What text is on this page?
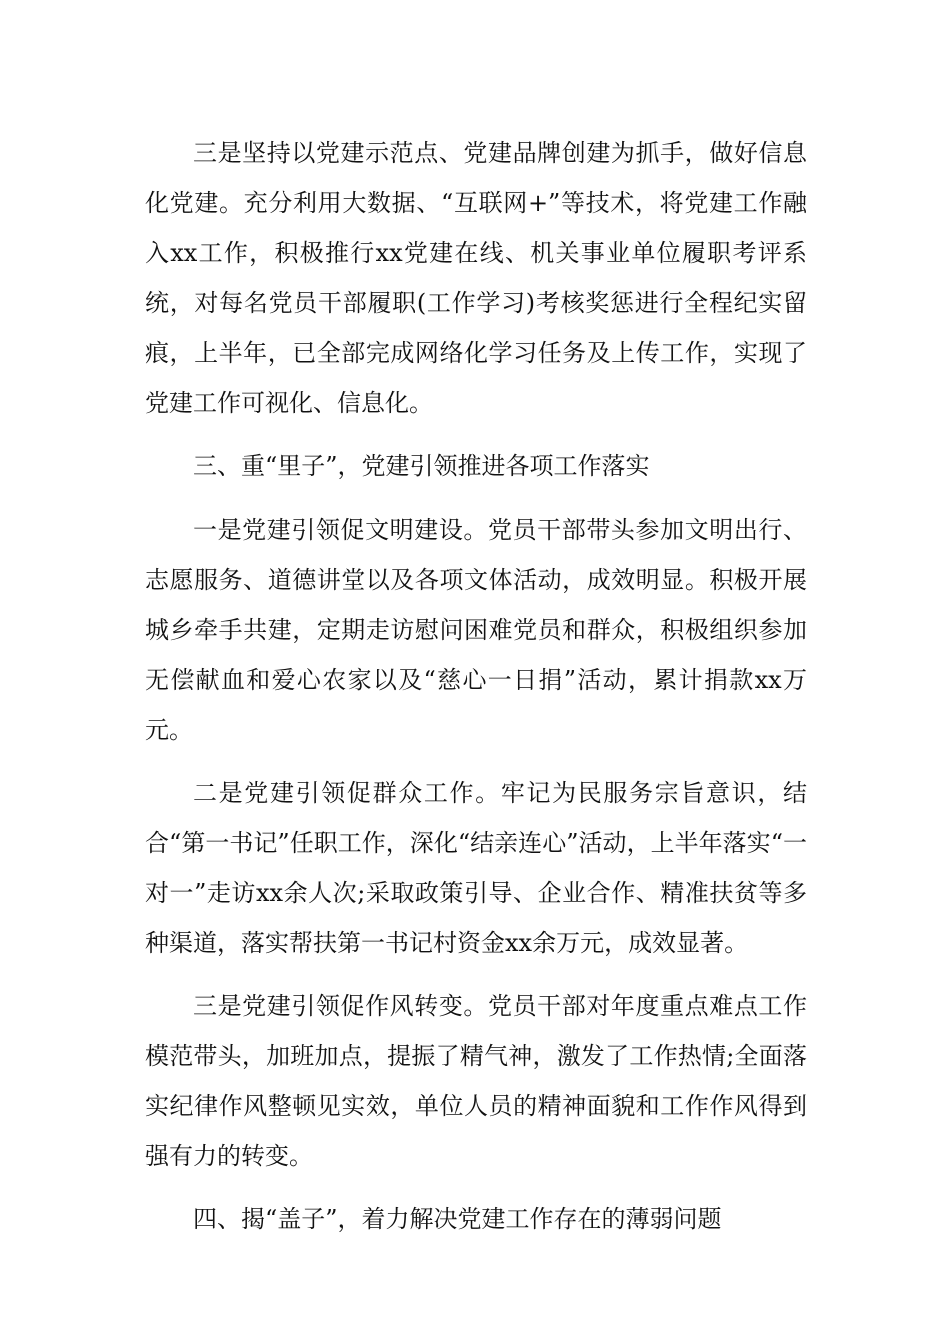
三是坚持以党建示范点、党建品牌创建为抓手，做好信息化党建。充分利用大数据、“互联网+”等技术，将党建工作融入xx工作，积极推行xx党建在线、机关事业单位履职考评系统，对每名党员干部履职(工作学习)考核奖惩进行全程纪实留痕，上半年，已全部完成网络化学习任务及上传工作，实现了党建工作可视化、信息化。

三、重“里子”，党建引领推进各项工作落实

一是党建引领促文明建设。党员干部带头参加文明出行、志愿服务、道德讲堂以及各项文体活动，成效明显。积极开展城乡牵手共建，定期走访慰问困难党员和群众，积极组织参加无偿献血和爱心农家以及“慈心一日捐”活动，累计捐款xx万元。

二是党建引领促群众工作。牢记为民服务宗旨意识，结合“第一书记”任职工作，深化“结亲连心”活动，上半年落实“一对一”走访xx余人次;采取政策引导、企业合作、精准扶贫等多种渠道，落实帮扶第一书记村资金xx余万元，成效显著。

三是党建引领促作风转变。党员干部对年度重点难点工作模范带头，加班加点，提振了精气神，激发了工作热情;全面落实纪律作风整顿见实效，单位人员的精神面貌和工作作风得到强有力的转变。

四、揭“盖子”，着力解决党建工作存在的薄弱问题
